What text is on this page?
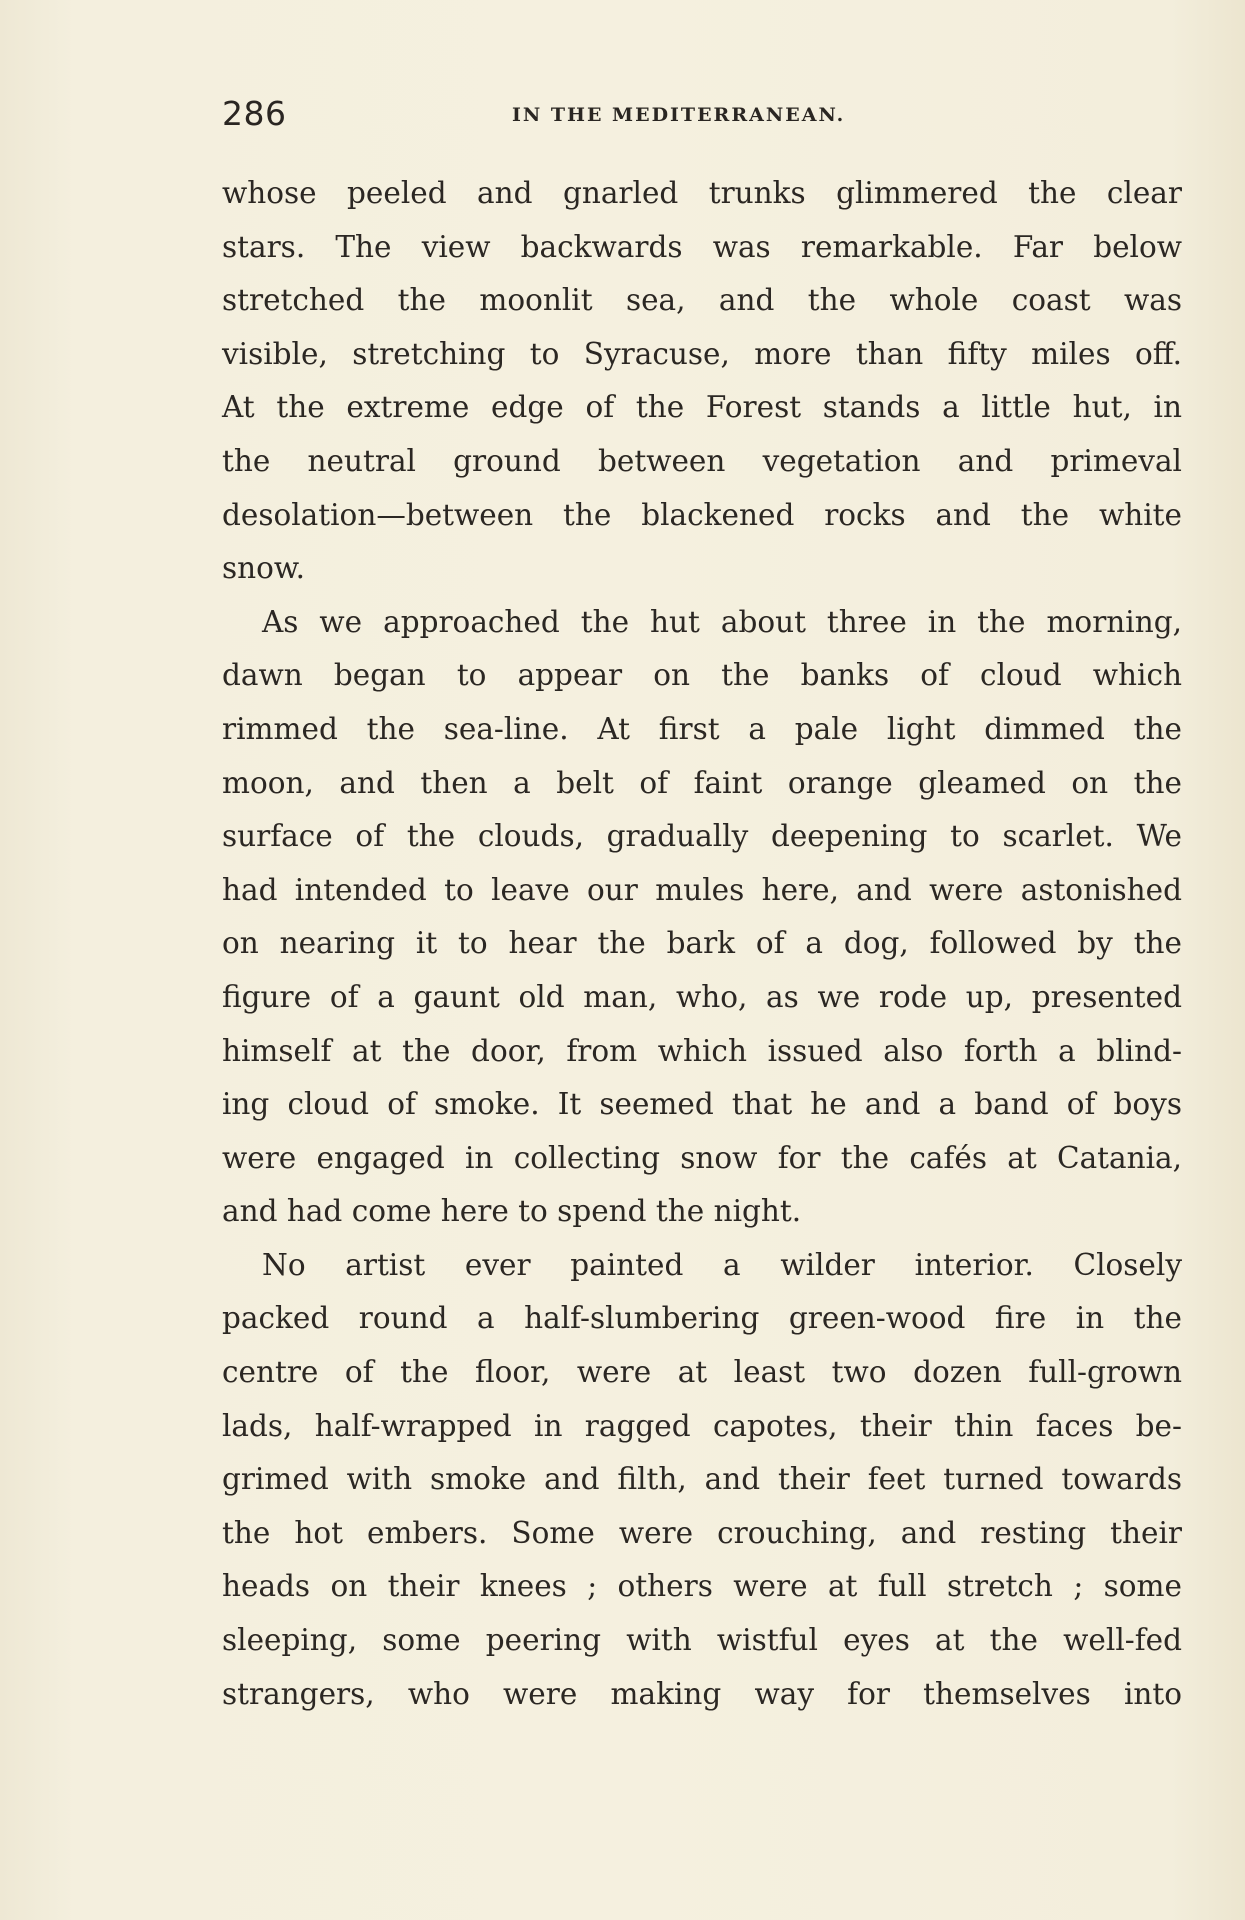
286	IN THE MEDITERRANEAN.
whose peeled and gnarled trunks glimmered the clear
stars. The view backwards was remarkable. Far below
stretched the moonlit sea, and the whole coast was
visible, stretching to Syracuse, more than fifty miles off.
At the extreme edge of the Forest stands a little hut, in
the neutral ground between vegetation and primeval
desolation—between the blackened rocks and the white
snow.
As we approached the hut about three in the morning,
dawn began to appear on the banks of cloud which
rimmed the sea-line. At first a pale light dimmed the
moon, and then a belt of faint orange gleamed on the
surface of the clouds, gradually deepening to scarlet. We
had intended to leave our mules here, and were astonished
on nearing it to hear the bark of a dog, followed by the
figure of a gaunt old man, who, as we rode up, presented
himself at the door, from which issued also forth a blind-
ing cloud of smoke. It seemed that he and a band of boys
were engaged in collecting snow for the cafés at Catania,
and had come here to spend the night.
No artist ever painted a wilder interior. Closely
packed round a half-slumbering green-wood fire in the
centre of the floor, were at least two dozen full-grown
lads, half-wrapped in ragged capotes, their thin faces be-
grimed with smoke and filth, and their feet turned towards
the hot embers. Some were crouching, and resting their
heads on their knees ; others were at full stretch ; some
sleeping, some peering with wistful eyes at the well-fed
strangers, who were making way for themselves into
